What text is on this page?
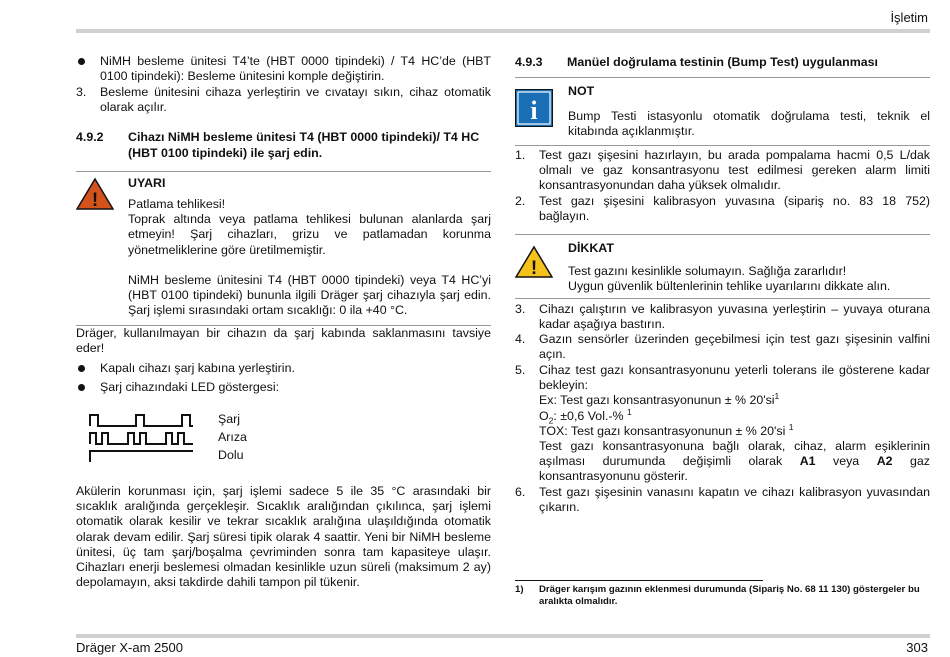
İşletim
Dräger X-am 2500	303
NiMH besleme ünitesi T4’te (HBT 0000 tipindeki) / T4 HC’de (HBT 0100 tipindeki): Besleme ünitesini komple değiştirin.
3. Besleme ünitesini cihaza yerleştirin ve cıvatayı sıkın, cihaz otomatik olarak açılır.
4.9.2 Cihazı NiMH besleme ünitesi T4 (HBT 0000 tipindeki)/ T4 HC (HBT 0100 tipindeki) ile şarj edin.
!
UYARI
Patlama tehlikesi!
Toprak altında veya patlama tehlikesi bulunan alanlarda şarj etmeyin! Şarj cihazları, grizu ve patlamadan korunma yönetmeliklerine göre üretilmemiştir.
NiMH besleme ünitesini T4 (HBT 0000 tipindeki) veya T4 HC’yi (HBT 0100 tipindeki) bununla ilgili Dräger şarj cihazıyla şarj edin. Şarj işlemi sırasındaki ortam sıcaklığı: 0 ila +40 °C.
Dräger, kullanılmayan bir cihazın da şarj kabında saklanmasını tavsiye eder!
Kapalı cihazı şarj kabına yerleştirin.
Şarj cihazındaki LED göstergesi:
Şarj
Arıza
Dolu
Akülerin korunması için, şarj işlemi sadece 5 ile 35 °C arasındaki bir sıcaklık aralığında gerçekleşir. Sıcaklık aralığından çıkılınca, şarj işlemi otomatik olarak kesilir ve tekrar sıcaklık aralığına ulaşıldığında otomatik olarak devam edilir. Şarj süresi tipik olarak 4 saattir. Yeni bir NiMH besleme ünitesi, üç tam şarj/boşalma çevriminden sonra tam kapasiteye ulaşır. Cihazları enerji beslemesi olmadan kesinlikle uzun süreli (maksimum 2 ay) depolamayın, aksi takdirde dahili tampon pil tükenir.
4.9.3 Manüel doğrulama testinin (Bump Test) uygulanması
i
NOT
Bump Testi istasyonlu otomatik doğrulama testi, teknik el kitabında açıklanmıştır.
1. Test gazı şişesini hazırlayın, bu arada pompalama hacmi 0,5 L/dak olmalı ve gaz konsantrasyonu test edilmesi gereken alarm limiti konsantrasyonundan daha yüksek olmalıdır.
2. Test gazı şişesini kalibrasyon yuvasına (sipariş no. 83 18 752) bağlayın.
!
DİKKAT
Test gazını kesinlikle solumayın. Sağlığa zararlıdır!
Uygun güvenlik bültenlerinin tehlike uyarılarını dikkate alın.
3. Cihazı çalıştırın ve kalibrasyon yuvasına yerleştirin – yuvaya oturana kadar aşağıya bastırın.
4. Gazın sensörler üzerinden geçebilmesi için test gazı şişesinin valfini açın.
5. Cihaz test gazı konsantrasyonunu yeterli tolerans ile gösterene kadar bekleyin:
Ex: Test gazı konsantrasyonunun ± % $20'si^1$
$O_2$: ±0,6 Vol.-% $^1$
TOX: Test gazı konsantrasyonunun ± % 20'si $^1$
Test gazı konsantrasyonuna bağlı olarak, cihaz, alarm eşiklerinin aşılması durumunda değişimli olarak A1 veya A2 gaz konsantrasyonunu gösterir.
6. Test gazı şişesinin vanasını kapatın ve cihazı kalibrasyon yuvasından çıkarın.
1) Dräger karışım gazının eklenmesi durumunda (Sipariş No. 68 11 130) göstergeler bu aralıkta olmalıdır.
